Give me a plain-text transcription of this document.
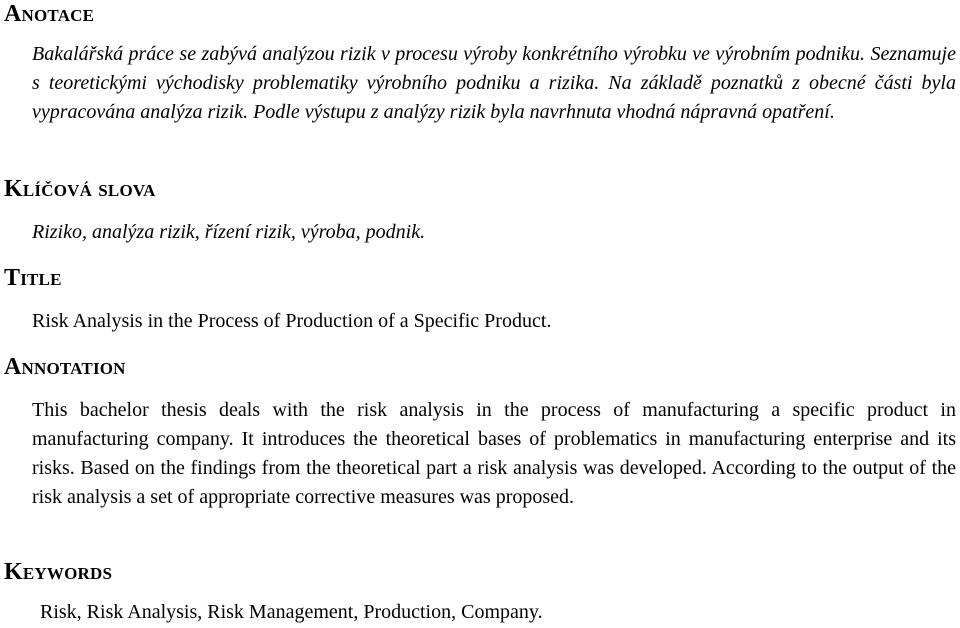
Anotace

Bakalářská práce se zabývá analýzou rizik v procesu výroby konkrétního výrobku ve výrobním podniku. Seznamuje s teoretickými východisky problematiky výrobního podniku a rizika. Na základě poznatků z obecné části byla vypracována analýza rizik. Podle výstupu z analýzy rizik byla navrhnuta vhodná nápravná opatření.

Klíčová slova

Riziko, analýza rizik, řízení rizik, výroba, podnik.

Title

Risk Analysis in the Process of Production of a Specific Product.

Annotation

This bachelor thesis deals with the risk analysis in the process of manufacturing a specific product in manufacturing company. It introduces the theoretical bases of problematics in manufacturing enterprise and its risks. Based on the findings from the theoretical part a risk analysis was developed. According to the output of the risk analysis a set of appropriate corrective measures was proposed.

Keywords

Risk, Risk Analysis, Risk Management, Production, Company.
